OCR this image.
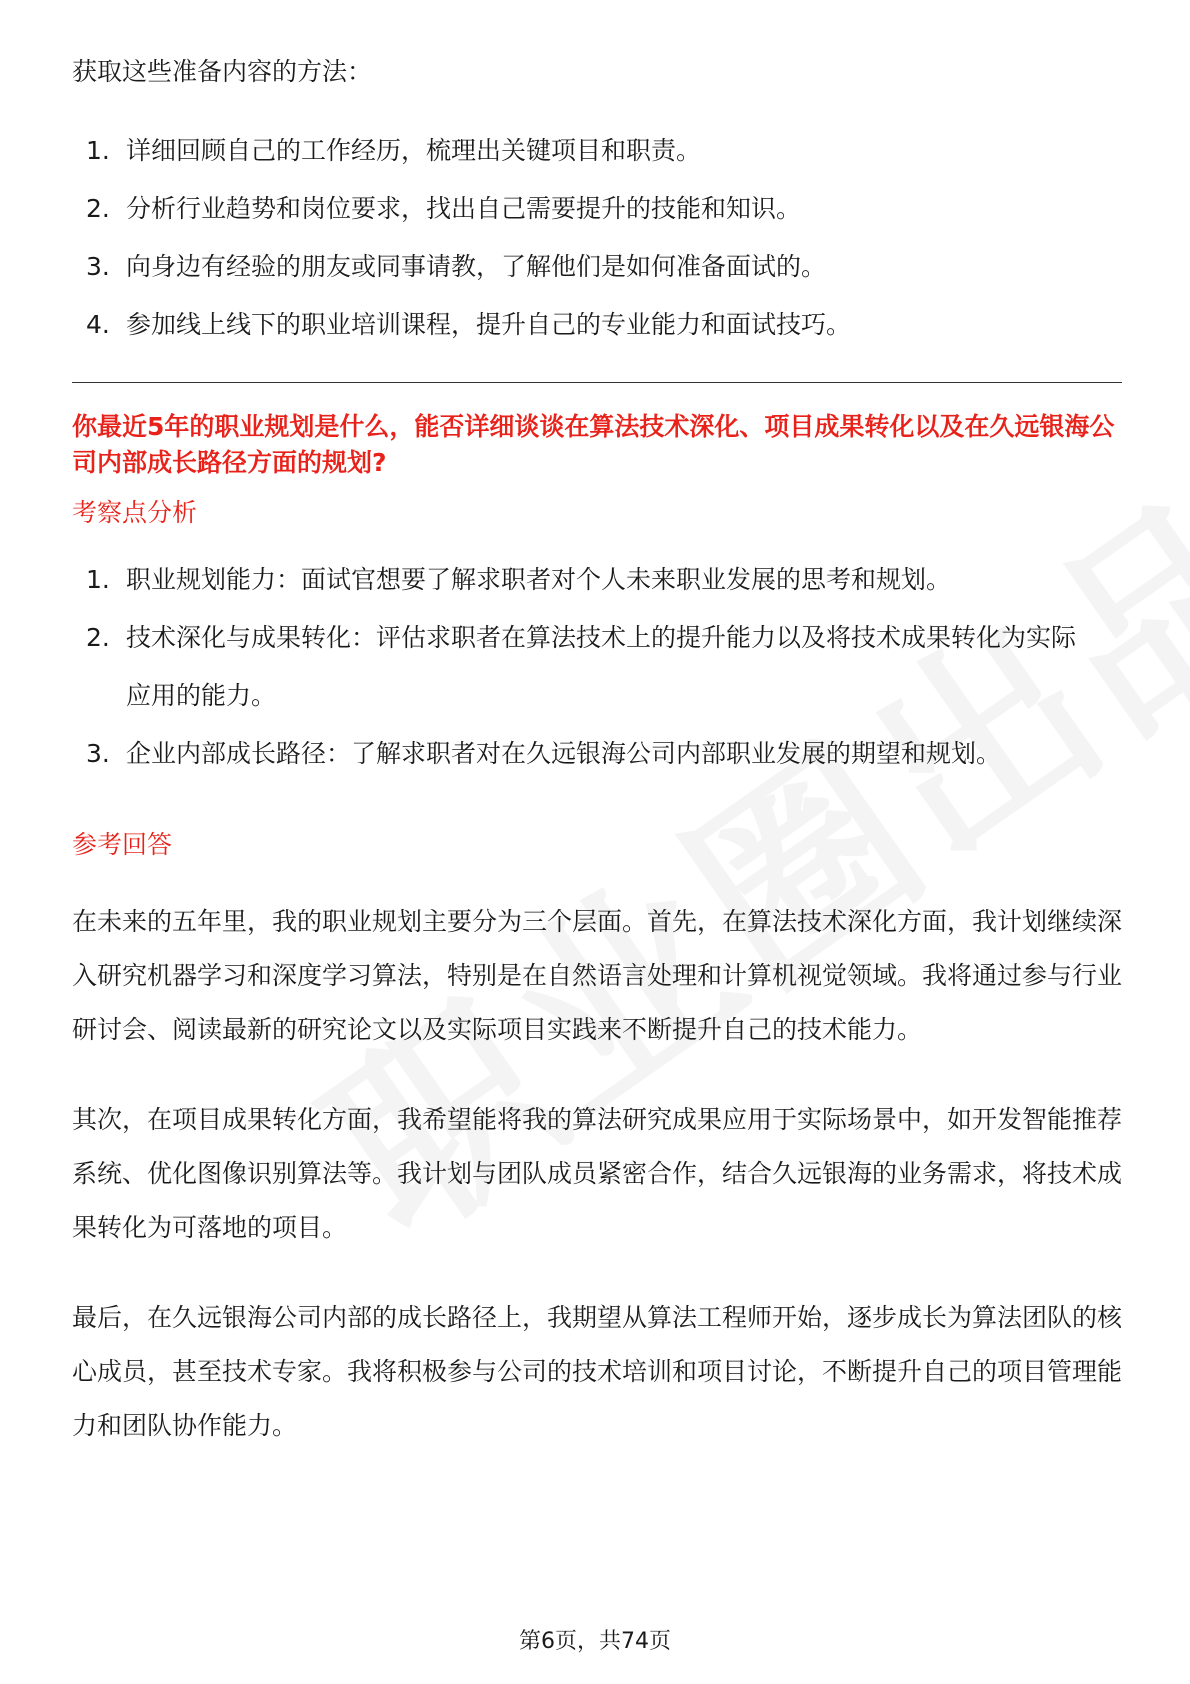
获取这些准备内容的方法：

1. 详细回顾自己的工作经历，梳理出关键项目和职责。
2. 分析行业趋势和岗位要求，找出自己需要提升的技能和知识。
3. 向身边有经验的朋友或同事请教，了解他们是如何准备面试的。
4. 参加线上线下的职业培训课程，提升自己的专业能力和面试技巧。

你最近5年的职业规划是什么，能否详细谈谈在算法技术深化、项目成果转化以及在久远银海公司内部成长路径方面的规划?

考察点分析
1. 职业规划能力：面试官想要了解求职者对个人未来职业发展的思考和规划。
2. 技术深化与成果转化：评估求职者在算法技术上的提升能力以及将技术成果转化为实际应用的能力。
3. 企业内部成长路径：了解求职者对在久远银海公司内部职业发展的期望和规划。
参考回答

在未来的五年里，我的职业规划主要分为三个层面。首先，在算法技术深化方面，我计划继续深入研究机器学习和深度学习算法，特别是在自然语言处理和计算机视觉领域。我将通过参与行业研讨会、阅读最新的研究论文以及实际项目实践来不断提升自己的技术能力。

其次，在项目成果转化方面，我希望能将我的算法研究成果应用于实际场景中，如开发智能推荐系统、优化图像识别算法等。我计划与团队成员紧密合作，结合久远银海的业务需求，将技术成果转化为可落地的项目。

最后，在久远银海公司内部的成长路径上，我期望从算法工程师开始，逐步成长为算法团队的核心成员，甚至技术专家。我将积极参与公司的技术培训和项目讨论，不断提升自己的项目管理能力和团队协作能力。

第6页，共74页
